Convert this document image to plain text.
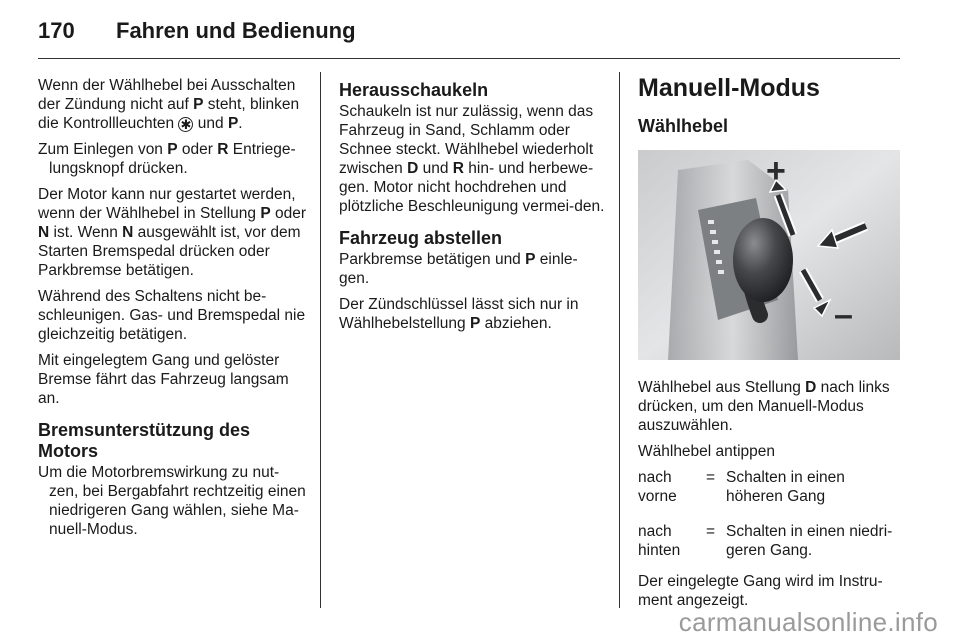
170 Fahren und Bedienung

Wenn der Wählhebel bei Ausschalten der Zündung nicht auf P steht, blinken die Kontrollleuchten ✱ und P.

Zum Einlegen von P oder R Entriege-lungsknopf drücken.

Der Motor kann nur gestartet werden, wenn der Wählhebel in Stellung P oder N ist. Wenn N ausgewählt ist, vor dem Starten Bremspedal drücken oder Parkbremse betätigen.

Während des Schaltens nicht be-schleunigen. Gas- und Bremspedal nie gleichzeitig betätigen.

Mit eingelegtem Gang und gelöster Bremse fährt das Fahrzeug langsam an.

Bremsunterstützung des Motors

Um die Motorbremswirkung zu nut-zen, bei Bergabfahrt rechtzeitig einen niedrigeren Gang wählen, siehe Ma-nuell-Modus.

Herausschaukeln

Schaukeln ist nur zulässig, wenn das Fahrzeug in Sand, Schlamm oder Schnee steckt. Wählhebel wiederholt zwischen D und R hin- und herbewe-gen. Motor nicht hochdrehen und plötzliche Beschleunigung vermei-den.

Fahrzeug abstellen

Parkbremse betätigen und P einle-gen.

Der Zündschlüssel lässt sich nur in Wählhebelstellung P abziehen.

Manuell-Modus
Wählhebel
+
–

Wählhebel aus Stellung D nach links drücken, um den Manuell-Modus auszuwählen.

Wählhebel antippen

nach vorne	=	Schalten in einen höheren Gang

nach hinten	=	Schalten in einen niedri-geren Gang.

Der eingelegte Gang wird im Instru-ment angezeigt.

carmanualsonline.info
